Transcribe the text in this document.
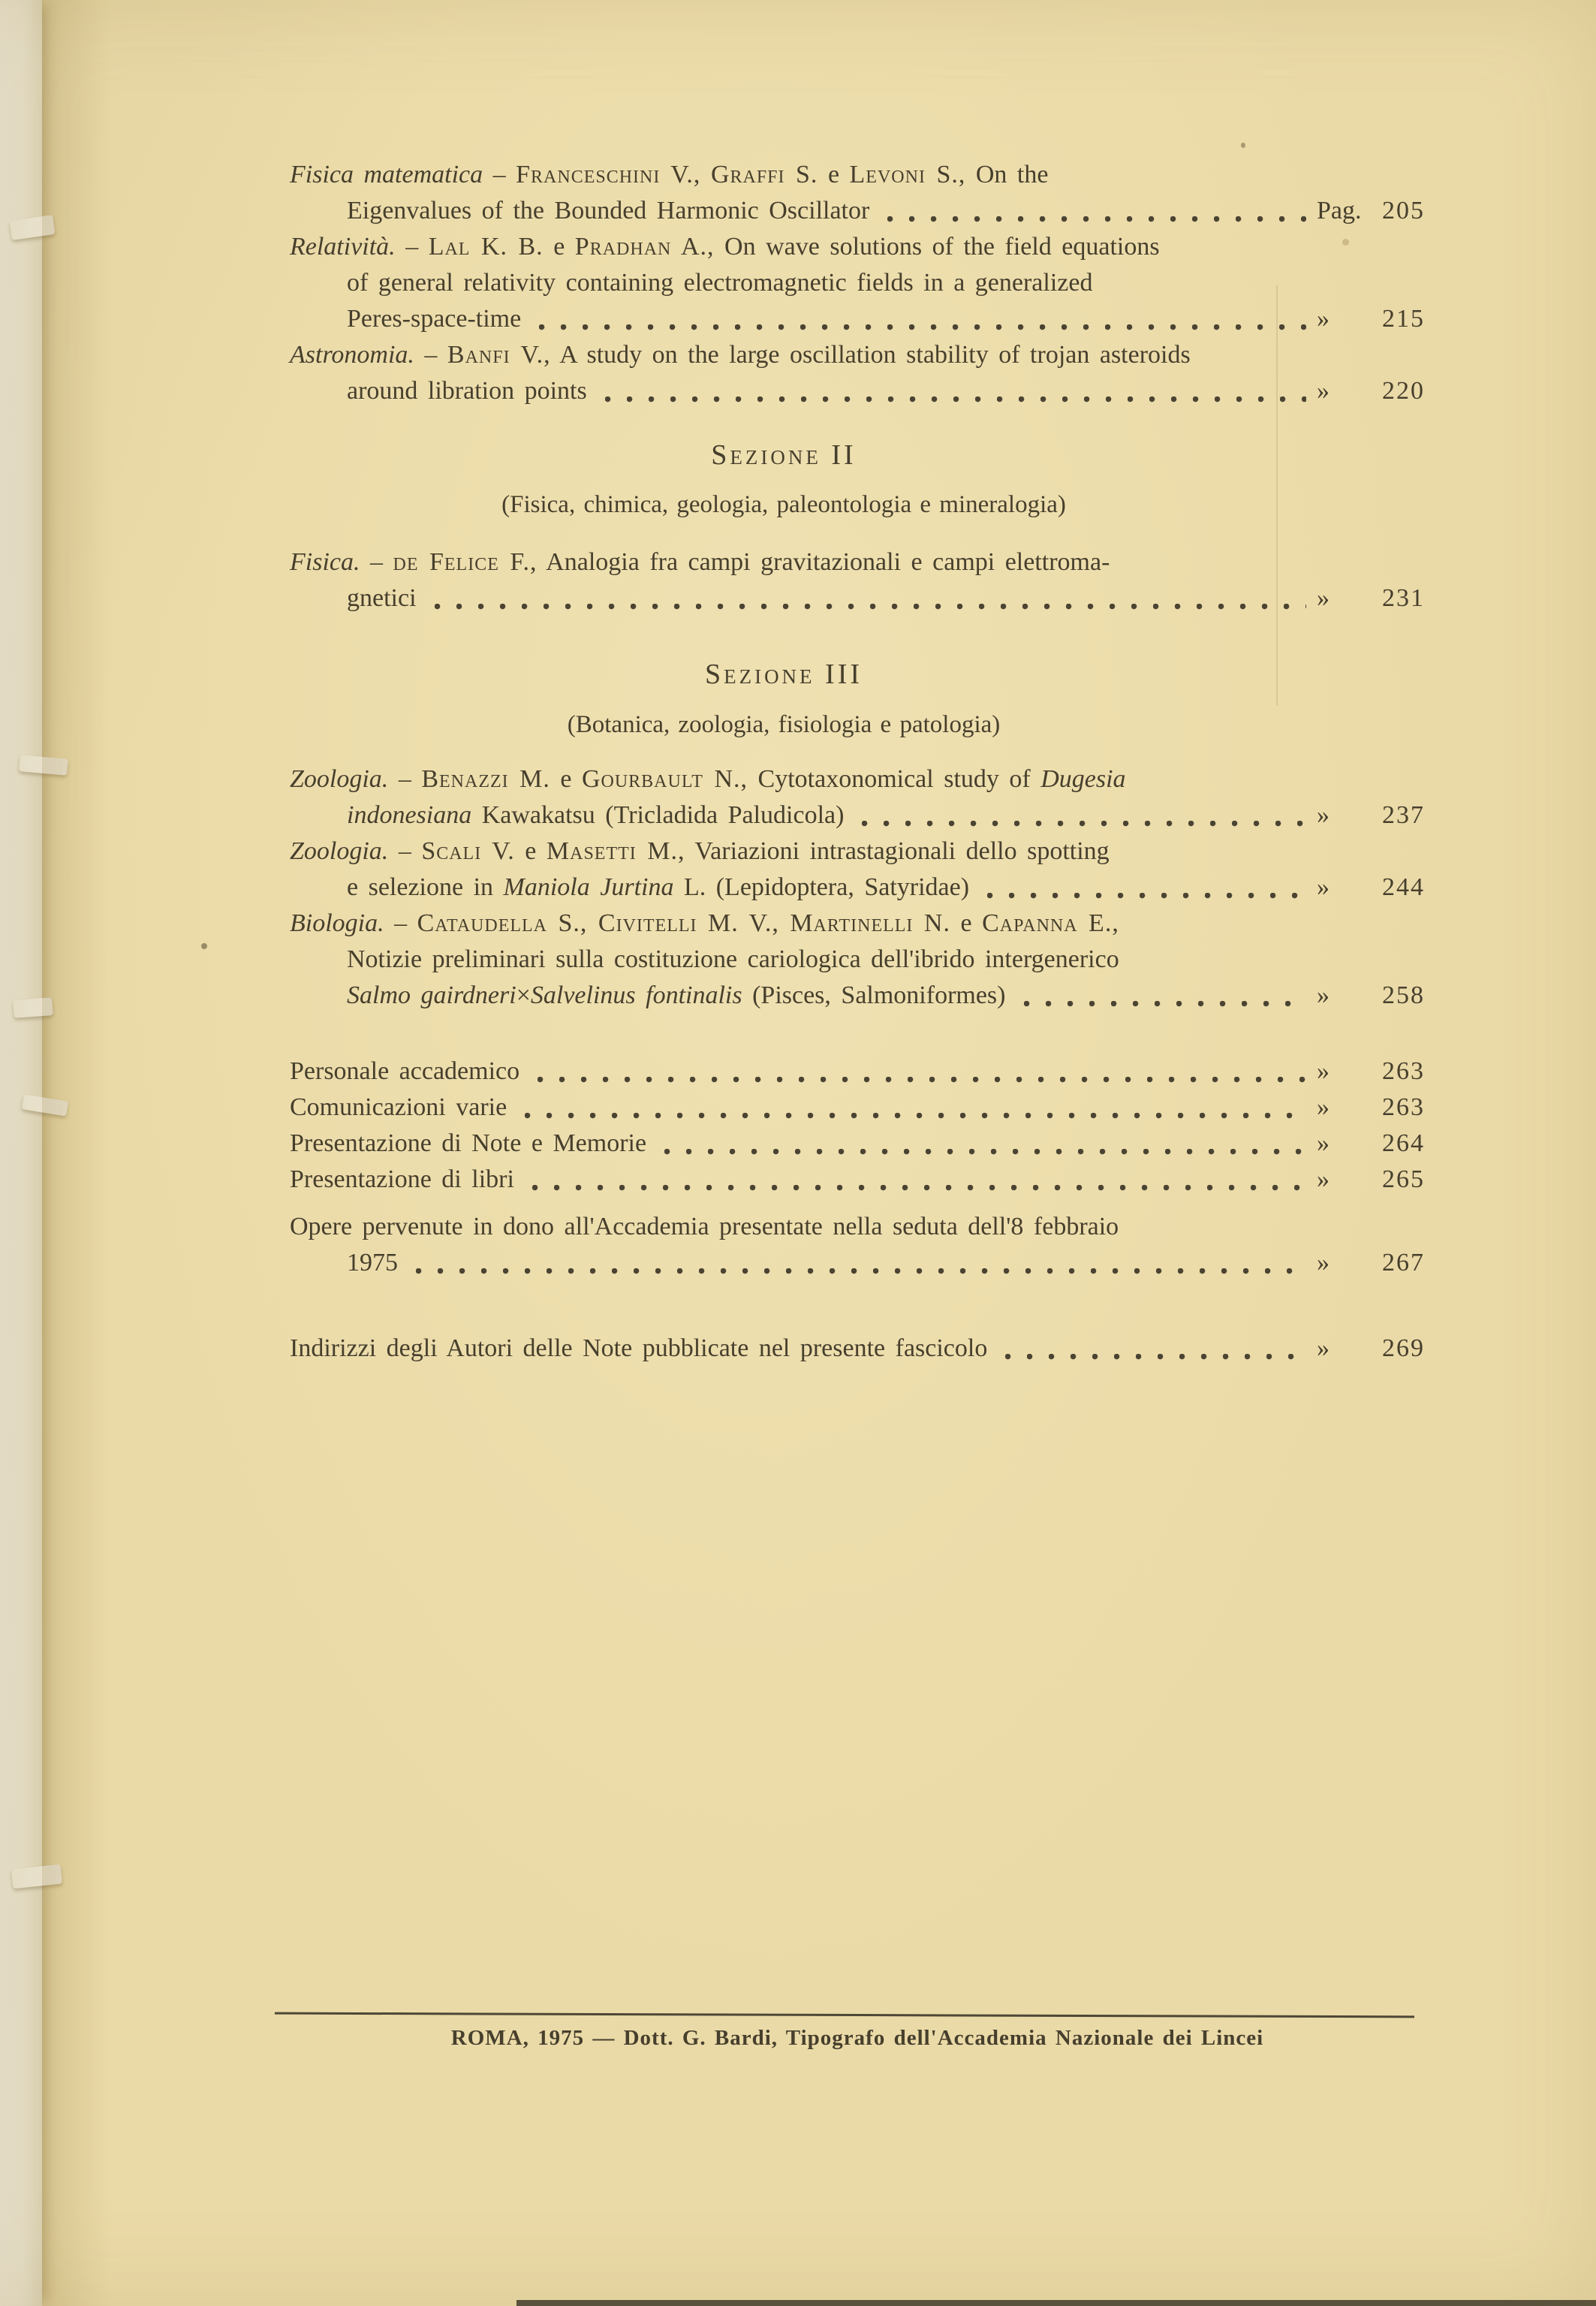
Fisica matematica – Franceschini V., Graffi S. e Levoni S., On the
Eigenvalues of the Bounded Harmonic Oscillator	Pag. 205
Relatività. – Lal K. B. e Pradhan A., On wave solutions of the field equations
of general relativity containing electromagnetic fields in a generalized
Peres-space-time	»	215
Astronomia. – Banfi V., A study on the large oscillation stability of trojan asteroids
around libration points	»	220
Sezione II
(Fisica, chimica, geologia, paleontologia e mineralogia)
Fisica. – de Felice F., Analogia fra campi gravitazionali e campi elettroma-
gnetici	»	231
Sezione III
(Botanica, zoologia, fisiologia e patologia)
Zoologia. – Benazzi M. e Gourbault N., Cytotaxonomical study of Dugesia
indonesiana Kawakatsu (Tricladida Paludicola)	»	237
Zoologia. – Scali V. e Masetti M., Variazioni intrastagionali dello spotting
e selezione in Maniola Jurtina L. (Lepidoptera, Satyridae)	»	244
Biologia. – Cataudella S., Civitelli M. V., Martinelli N. e Capanna E.,
Notizie preliminari sulla costituzione cariologica dell'ibrido intergenerico
Salmo gairdneri×Salvelinus fontinalis (Pisces, Salmoniformes)	»	258
Personale accademico	»	263
Comunicazioni varie	»	263
Presentazione di Note e Memorie	»	264
Presentazione di libri	»	265
Opere pervenute in dono all'Accademia presentate nella seduta dell'8 febbraio
1975	»	267
Indirizzi degli Autori delle Note pubblicate nel presente fascicolo	»	269
ROMA, 1975 — Dott. G. Bardi, Tipografo dell'Accademia Nazionale dei Lincei
